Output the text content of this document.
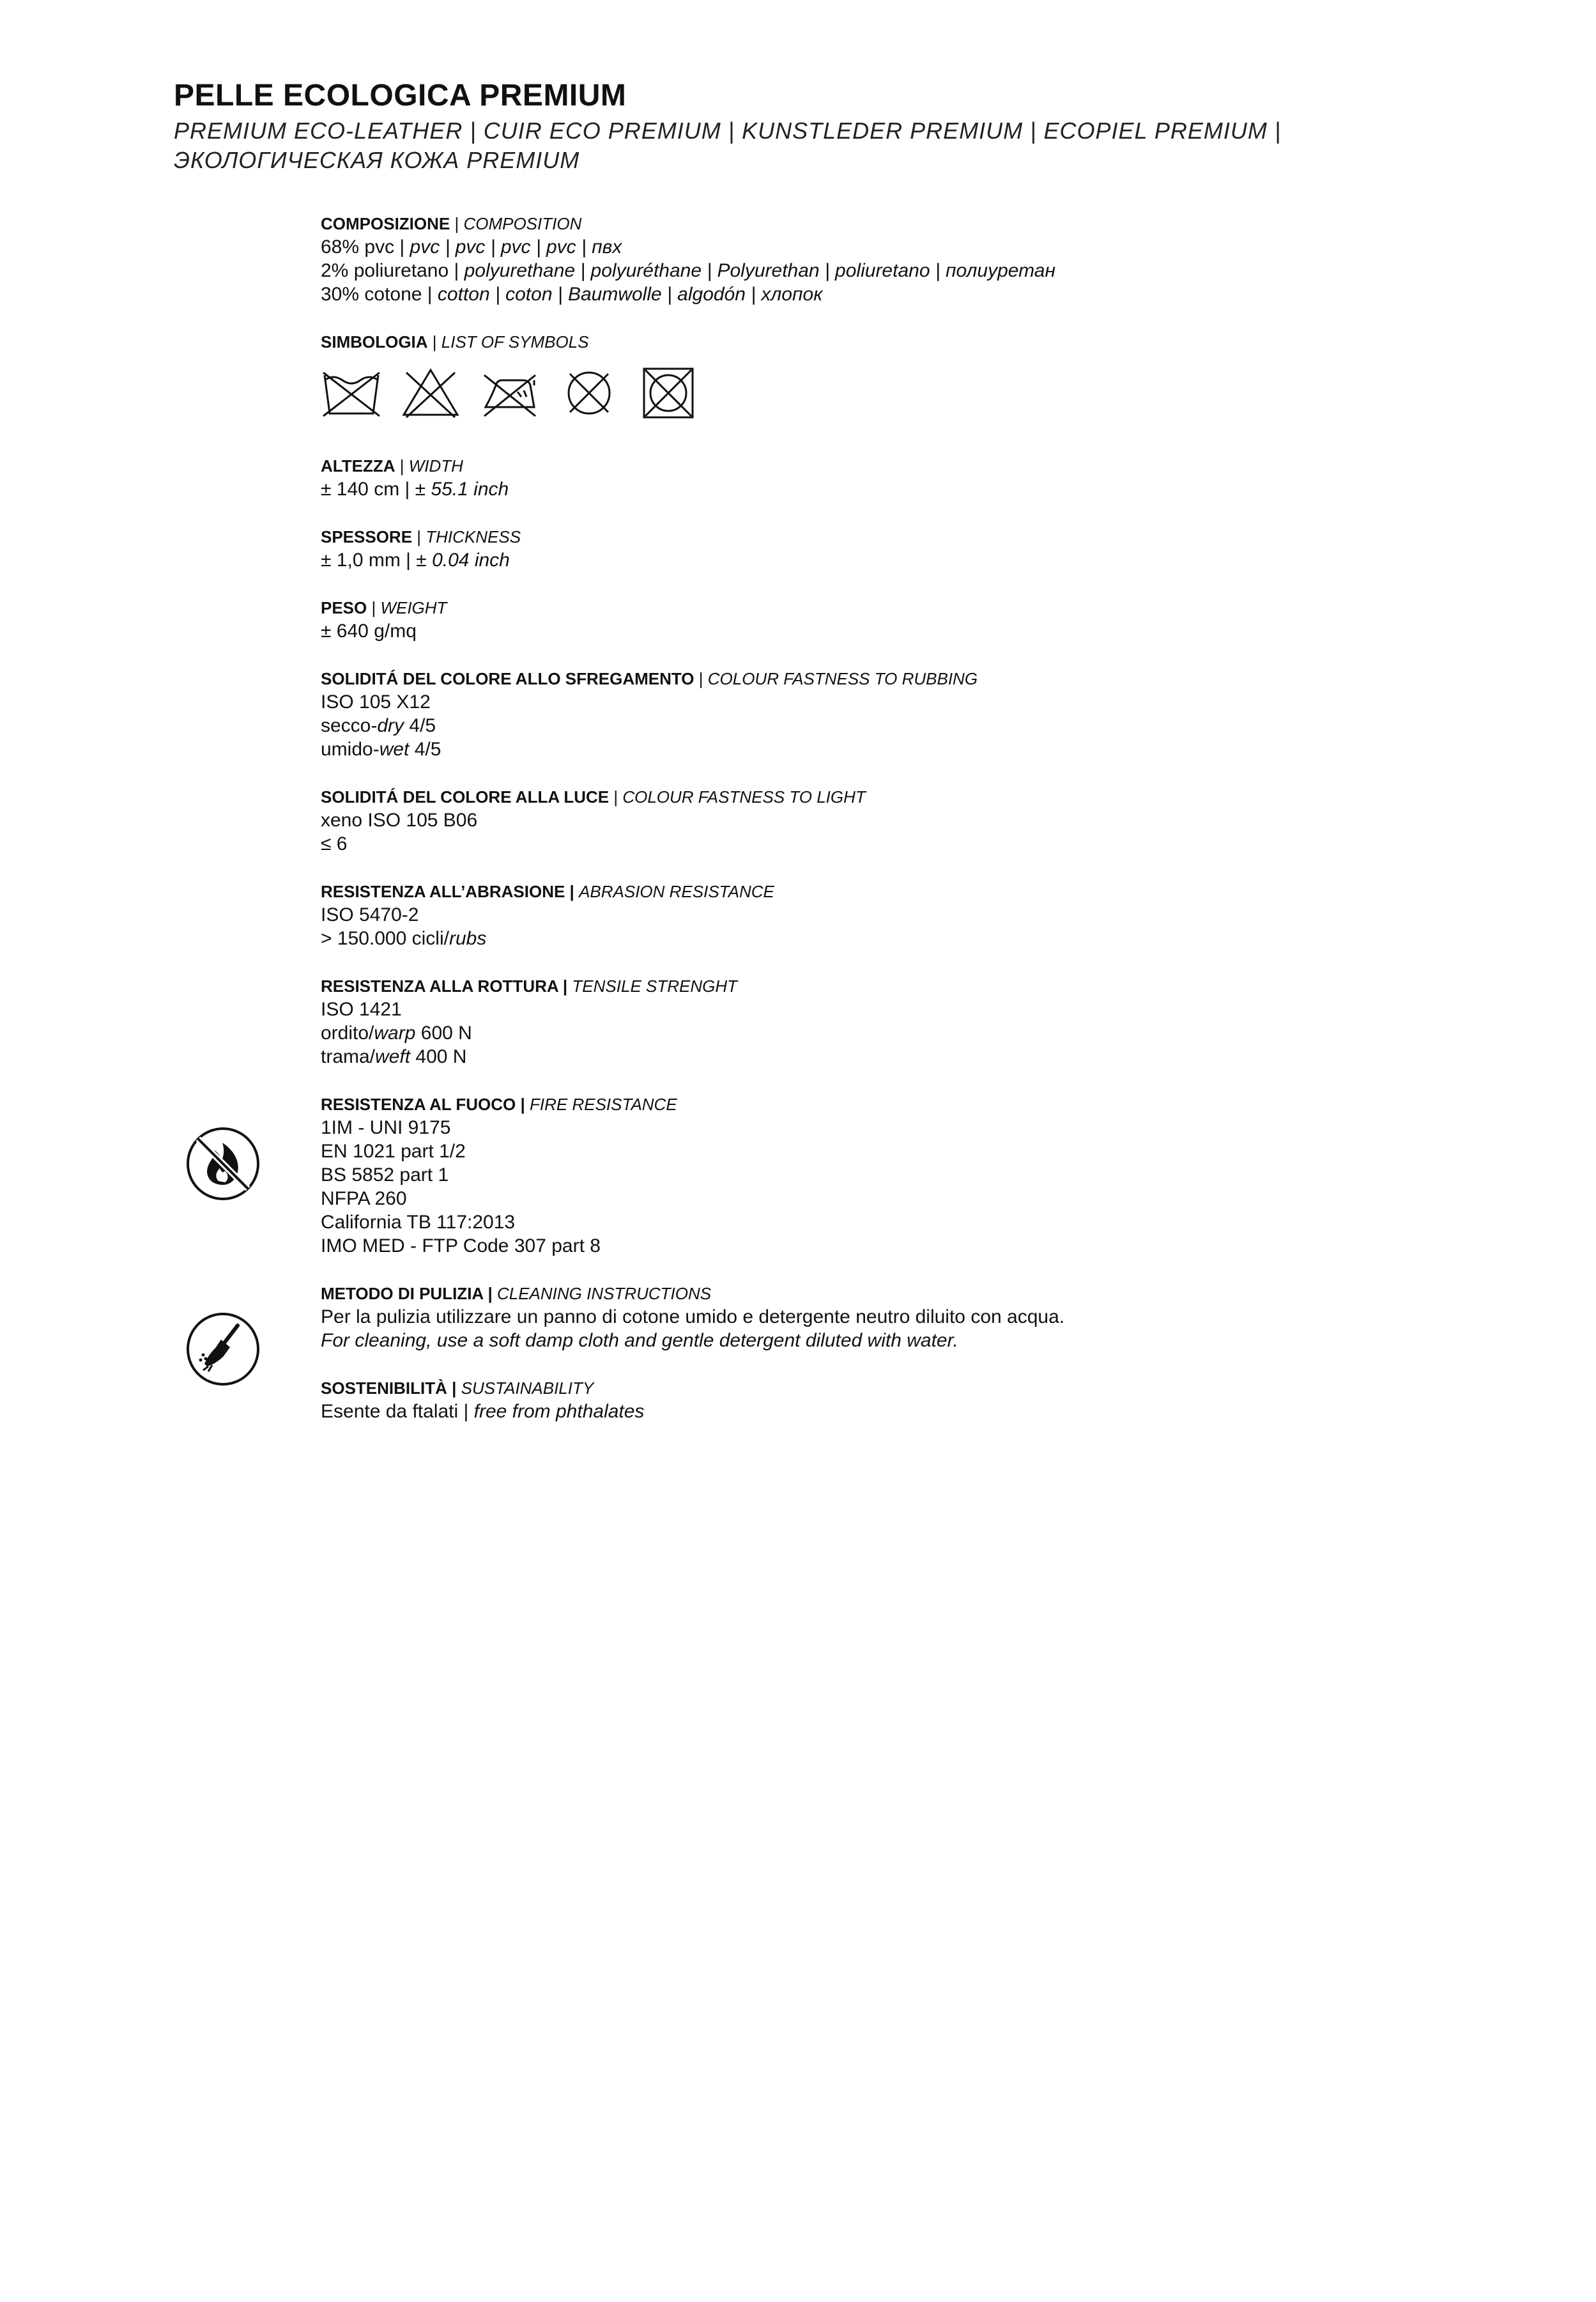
PELLE ECOLOGICA PREMIUM
PREMIUM ECO-LEATHER | CUIR ECO PREMIUM | KUNSTLEDER PREMIUM | ECOPIEL PREMIUM |
ЭКОЛОГИЧЕСКАЯ КОЖА PREMIUM
COMPOSIZIONE | COMPOSITION
68% pvc | pvc | pvc | pvc | pvc | пвх
2% poliuretano | polyurethane | polyuréthane | Polyurethan | poliuretano | полиуретан
30% cotone | cotton | coton | Baumwolle | algodón | хлопок
SIMBOLOGIA | LIST OF SYMBOLS
ALTEZZA | WIDTH
± 140 cm | ± 55.1 inch
SPESSORE | THICKNESS
± 1,0 mm | ± 0.04 inch
PESO | WEIGHT
± 640 g/mq
SOLIDITÁ DEL COLORE ALLO SFREGAMENTO | COLOUR FASTNESS TO RUBBING
ISO 105 X12
secco-dry 4/5
umido-wet 4/5
SOLIDITÁ DEL COLORE ALLA LUCE | COLOUR FASTNESS TO LIGHT
xeno ISO 105 B06
≤ 6
RESISTENZA ALL’ABRASIONE | ABRASION RESISTANCE
ISO 5470-2
> 150.000 cicli/rubs
RESISTENZA ALLA ROTTURA | TENSILE STRENGHT
ISO 1421
ordito/warp 600 N
trama/weft 400 N
RESISTENZA AL FUOCO | FIRE RESISTANCE
1IM - UNI 9175
EN 1021 part 1/2
BS 5852 part 1
NFPA 260
California TB 117:2013
IMO MED - FTP Code 307 part 8
METODO DI PULIZIA | CLEANING INSTRUCTIONS
Per la pulizia utilizzare un panno di cotone umido e detergente neutro diluito con acqua.
For cleaning, use a soft damp cloth and gentle detergent diluted with water.
SOSTENIBILITÀ | SUSTAINABILITY
Esente da ftalati | free from phthalates
